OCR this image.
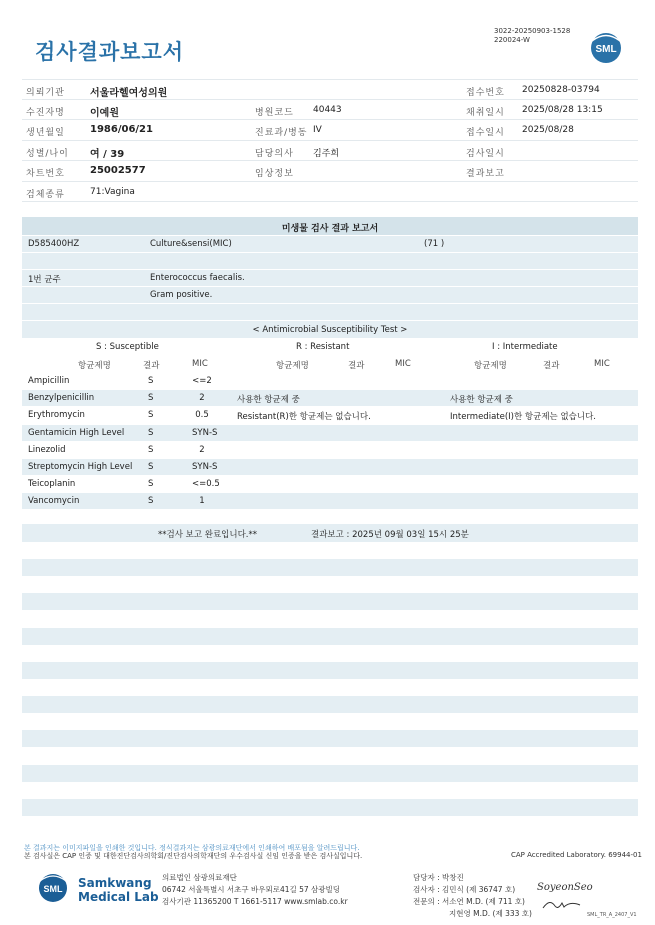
검사결과보고서
3022-20250903-1528
220024-W
SML
의뢰기관	서울라헬여성의원	접수번호 20250828-03794
수진자명	이예원	병원코드 40443	채취일시 2025/08/28 13:15
생년월일	1986/06/21	진료과/병동 IV	접수일시 2025/08/28
성별/나이 여 / 39	담당의사 김주희	검사일시
차트번호	25002577	임상정보	결과보고
검체종류	71:Vagina
미생물 검사 결과 보고서
D585400HZ	Culture&sensi(MIC)	(71 )
1번 균주	Enterococcus faecalis.
Gram positive.
< Antimicrobial Susceptibility Test >
S : Susceptible	R : Resistant	I : Intermediate
항균제명	결과	MIC	항균제명	결과	MIC	항균제명	결과	MIC
Ampicillin	S	<=2
Benzylpenicillin	S	2	사용한 항균제 중	사용한 항균제 중
Erythromycin	S	0.5	Resistant(R)한 항균제는 없습니다.	Intermediate(I)한 항균제는 없습니다.
Gentamicin High Level	S	SYN-S
Linezolid	S	2
Streptomycin High Level S	SYN-S
Teicoplanin	S	<=0.5
Vancomycin	S	1
**검사 보고 완료입니다.**	결과보고 : 2025년 09월 03일 15시 25분
본 결과지는 이미지파일을 인쇄한 것입니다. 정식결과지는 삼광의료재단에서 인쇄하여 배포됨을 알려드립니다.
본 검사실은 CAP 인증 및 대한진단검사의학회/진단검사의학재단의 우수검사실 신임 인증을 받은 검사실입니다.	CAP Accredited Laboratory. 69944-01
SML Samkwang
Medical Lab
의료법인 삼광의료재단
06742 서울특별시 서초구 바우뫼로41길 57 삼광빌딩
검사기관 11365200 T 1661-5117 www.smlab.co.kr
담당자 : 박창진
검사자 : 김민식 (제 36747 호)
전문의 : 서소연 M.D. (제 711 호)
지현영 M.D. (제 333 호)
SoyeonSeo
SML_TR_A_2407_V1
